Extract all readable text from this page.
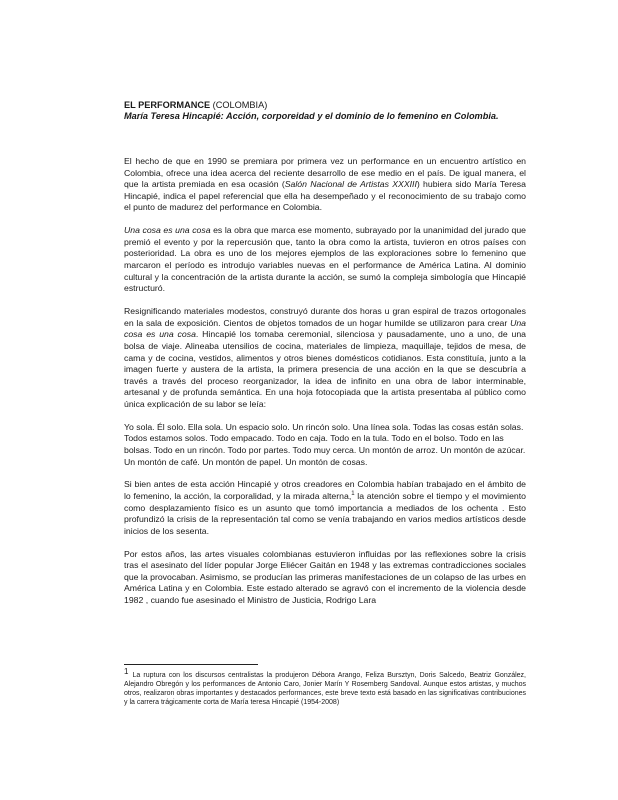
EL PERFORMANCE (COLOMBIA)
María Teresa Hincapié: Acción, corporeidad y el dominio de lo femenino en Colombia.

El hecho de que en 1990 se premiara por primera vez un performance en un encuentro artístico en Colombia, ofrece una idea acerca del reciente desarrollo de ese medio en el país. De igual manera, el que la artista premiada en esa ocasión (Salón Nacional de Artistas XXXIII) hubiera sido María Teresa Hincapié, indica el papel referencial que ella ha desempeñado y el reconocimiento de su trabajo como el punto de madurez del performance en Colombia.

Una cosa es una cosa es la obra que marca ese momento, subrayado por la unanimidad del jurado que premió el evento y por la repercusión que, tanto la obra como la artista, tuvieron en otros países con posterioridad. La obra es uno de los mejores ejemplos de las exploraciones sobre lo femenino que marcaron el período es introdujo variables nuevas en el performance de América Latina. Al dominio cultural y la concentración de la artista durante la acción, se sumó la compleja simbología que Hincapié estructuró.

Resignificando materiales modestos, construyó durante dos horas u gran espiral de trazos ortogonales en la sala de exposición. Cientos de objetos tomados de un hogar humilde se utilizaron para crear Una cosa es una cosa. Hincapié los tomaba ceremonial, silenciosa y pausadamente, uno a uno, de una bolsa de viaje. Alineaba utensilios de cocina, materiales de limpieza, maquillaje, tejidos de mesa, de cama y de cocina, vestidos, alimentos y otros bienes domésticos cotidianos. Esta constituía, junto a la imagen fuerte y austera de la artista, la primera presencia de una acción en la que se descubría a través a través del proceso reorganizador, la idea de infinito en una obra de labor interminable, artesanal y de profunda semántica. En una hoja fotocopiada que la artista presentaba al público como única explicación de su labor se leía:

Yo sola. Él solo. Ella sola. Un espacio solo. Un rincón solo. Una línea sola. Todas las cosas están solas. Todos estamos solos. Todo empacado. Todo en caja. Todo en la tula. Todo en el bolso. Todo en las bolsas. Todo en un rincón. Todo por partes. Todo muy cerca. Un montón de arroz. Un montón de azúcar. Un montón de café. Un montón de papel. Un montón de cosas.

Si bien antes de esta acción Hincapié y otros creadores en Colombia habían trabajado en el ámbito de lo femenino, la acción, la corporalidad, y la mirada alterna,$^1$ la atención sobre el tiempo y el movimiento como desplazamiento físico es un asunto que tomó importancia a mediados de los ochenta . Esto profundizó la crisis de la representación tal como se venía trabajando en varios medios artísticos desde inicios de los sesenta.

Por estos años, las artes visuales colombianas estuvieron influidas por las reflexiones sobre la crisis tras el asesinato del líder popular Jorge Eliécer Gaitán en 1948 y las extremas contradicciones sociales que la provocaban. Asimismo, se producían las primeras manifestaciones de un colapso de las urbes en América Latina y en Colombia. Este estado alterado se agravó con el incremento de la violencia desde 1982 , cuando fue asesinado el Ministro de Justicia, Rodrigo Lara

1 La ruptura con los discursos centralistas la produjeron Débora Arango, Feliza Bursztyn, Doris Salcedo, Beatriz González, Alejandro Obregón y los performances de Antonio Caro, Jonier Marín Y Rosemberg Sandoval. Aunque estos artistas, y muchos otros, realizaron obras importantes y destacados performances, este breve texto está basado en las significativas contribuciones y la carrera trágicamente corta de María teresa Hincapié (1954-2008)
